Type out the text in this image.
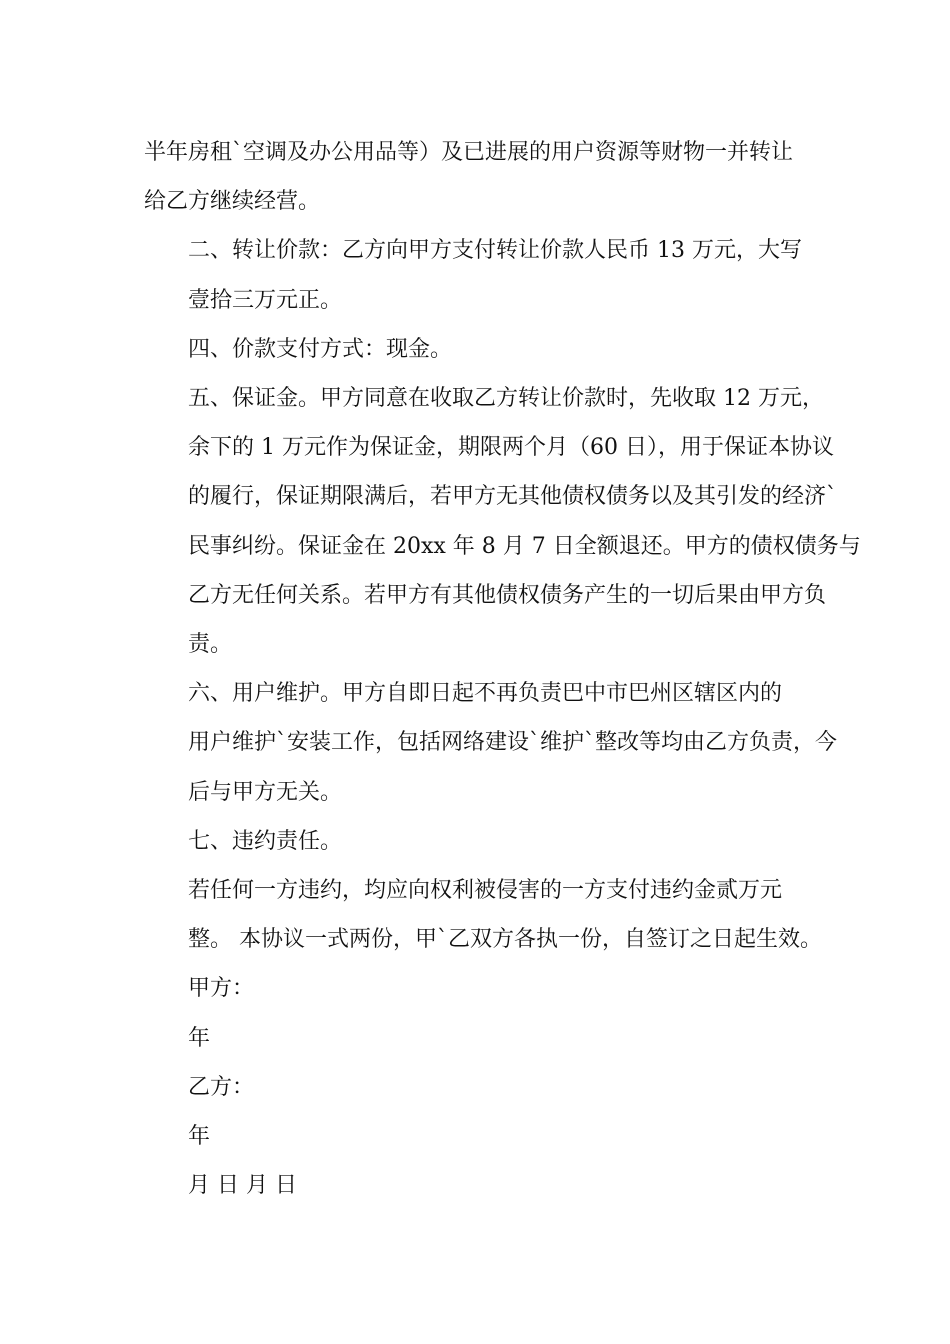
半年房租`空调及办公用品等）及已进展的用户资源等财物一并转让
给乙方继续经营。

二、转让价款：乙方向甲方支付转让价款人民币 13 万元，大写
壹拾三万元正。

四、价款支付方式：现金。

五、保证金。甲方同意在收取乙方转让价款时，先收取 12 万元，
余下的 1 万元作为保证金，期限两个月（60 日），用于保证本协议
的履行，保证期限满后，若甲方无其他债权债务以及其引发的经济`
民事纠纷。保证金在 20xx 年 8 月 7 日全额退还。甲方的债权债务与
乙方无任何关系。若甲方有其他债权债务产生的一切后果由甲方负
责。

六、用户维护。甲方自即日起不再负责巴中市巴州区辖区内的
用户维护`安装工作，包括网络建设`维护`整改等均由乙方负责，今
后与甲方无关。

七、违约责任。

若任何一方违约，均应向权利被侵害的一方支付违约金贰万元
整。 本协议一式两份，甲`乙双方各执一份，自签订之日起生效。

甲方：

年

乙方：

年

月 日 月 日
